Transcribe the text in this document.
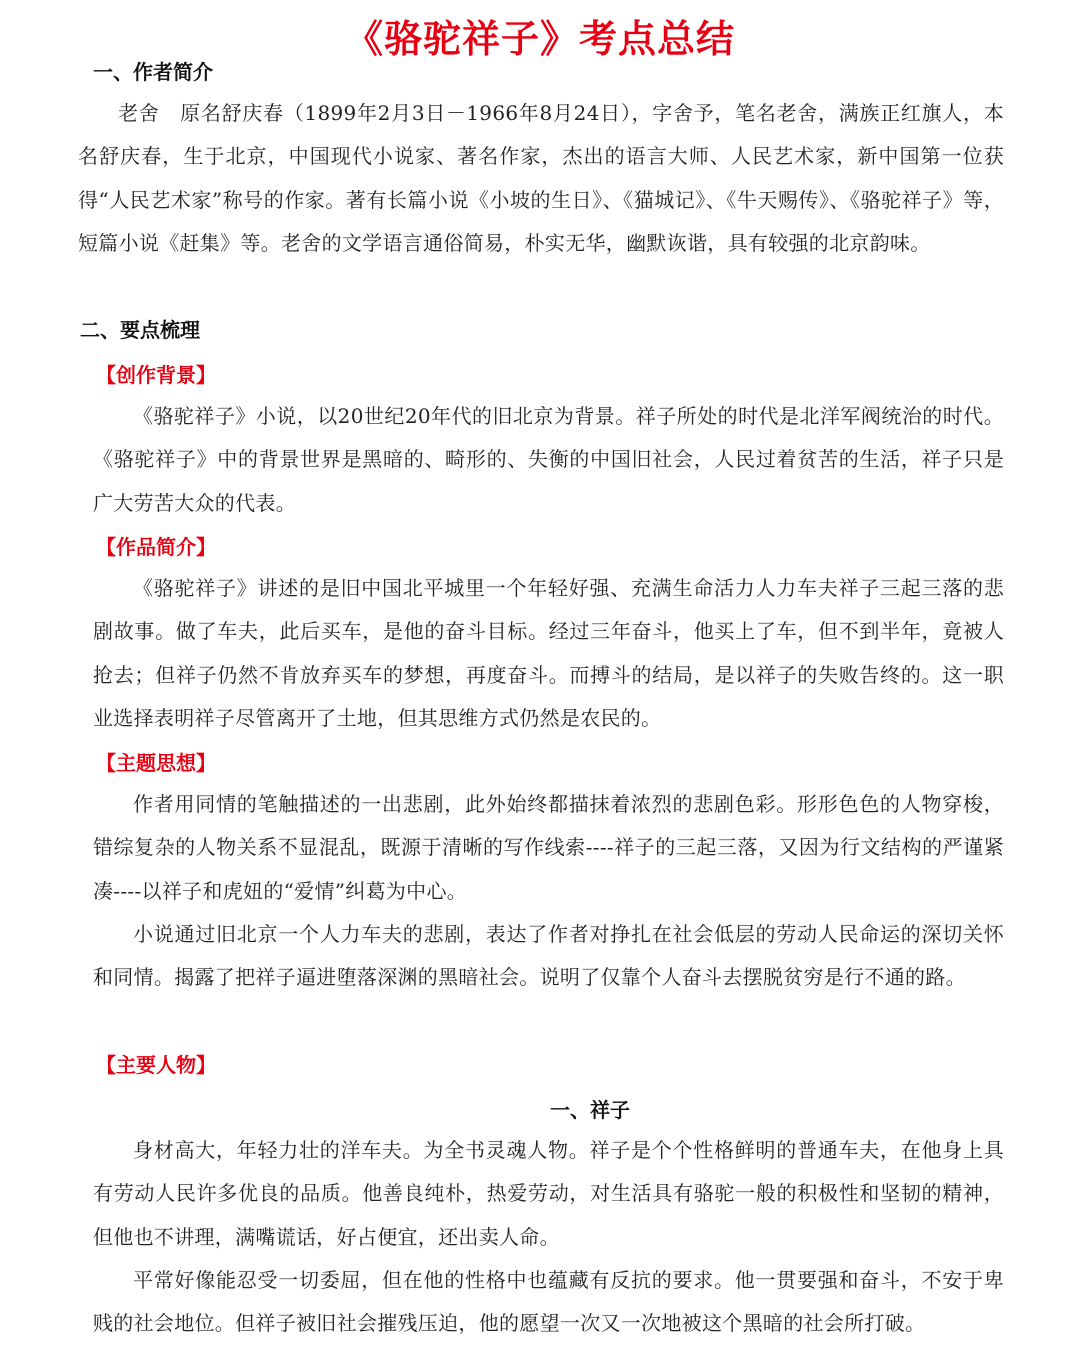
《骆驼祥子》考点总结
一、作者简介

老舍　原名舒庆春（1899年2月3日－1966年8月24日），字舍予，笔名老舍，满族正红旗人，本名舒庆春，生于北京，中国现代小说家、著名作家，杰出的语言大师、人民艺术家，新中国第一位获得“人民艺术家”称号的作家。著有长篇小说《小坡的生日》、《猫城记》、《牛天赐传》、《骆驼祥子》等，短篇小说《赶集》等。老舍的文学语言通俗简易，朴实无华，幽默诙谐，具有较强的北京韵味。

二、要点梳理
【创作背景】

《骆驼祥子》小说，以20世纪20年代的旧北京为背景。祥子所处的时代是北洋军阀统治的时代。《骆驼祥子》中的背景世界是黑暗的、畸形的、失衡的中国旧社会，人民过着贫苦的生活，祥子只是广大劳苦大众的代表。

【作品简介】

《骆驼祥子》讲述的是旧中国北平城里一个年轻好强、充满生命活力人力车夫祥子三起三落的悲剧故事。做了车夫，此后买车，是他的奋斗目标。经过三年奋斗，他买上了车，但不到半年，竟被人抢去；但祥子仍然不肯放弃买车的梦想，再度奋斗。而搏斗的结局，是以祥子的失败告终的。这一职业选择表明祥子尽管离开了土地，但其思维方式仍然是农民的。

【主题思想】

作者用同情的笔触描述的一出悲剧，此外始终都描抹着浓烈的悲剧色彩。形形色色的人物穿梭，错综复杂的人物关系不显混乱，既源于清晰的写作线索----祥子的三起三落，又因为行文结构的严谨紧凑----以祥子和虎妞的“爱情”纠葛为中心。

小说通过旧北京一个人力车夫的悲剧，表达了作者对挣扎在社会低层的劳动人民命运的深切关怀和同情。揭露了把祥子逼进堕落深渊的黑暗社会。说明了仅靠个人奋斗去摆脱贫穷是行不通的路。

【主要人物】
一、祥子

身材高大，年轻力壮的洋车夫。为全书灵魂人物。祥子是个个性格鲜明的普通车夫，在他身上具有劳动人民许多优良的品质。他善良纯朴，热爱劳动，对生活具有骆驼一般的积极性和坚韧的精神，但他也不讲理，满嘴谎话，好占便宜，还出卖人命。

平常好像能忍受一切委屈，但在他的性格中也蕴藏有反抗的要求。他一贯要强和奋斗，不安于卑贱的社会地位。但祥子被旧社会摧残压迫，他的愿望一次又一次地被这个黑暗的社会所打破。
